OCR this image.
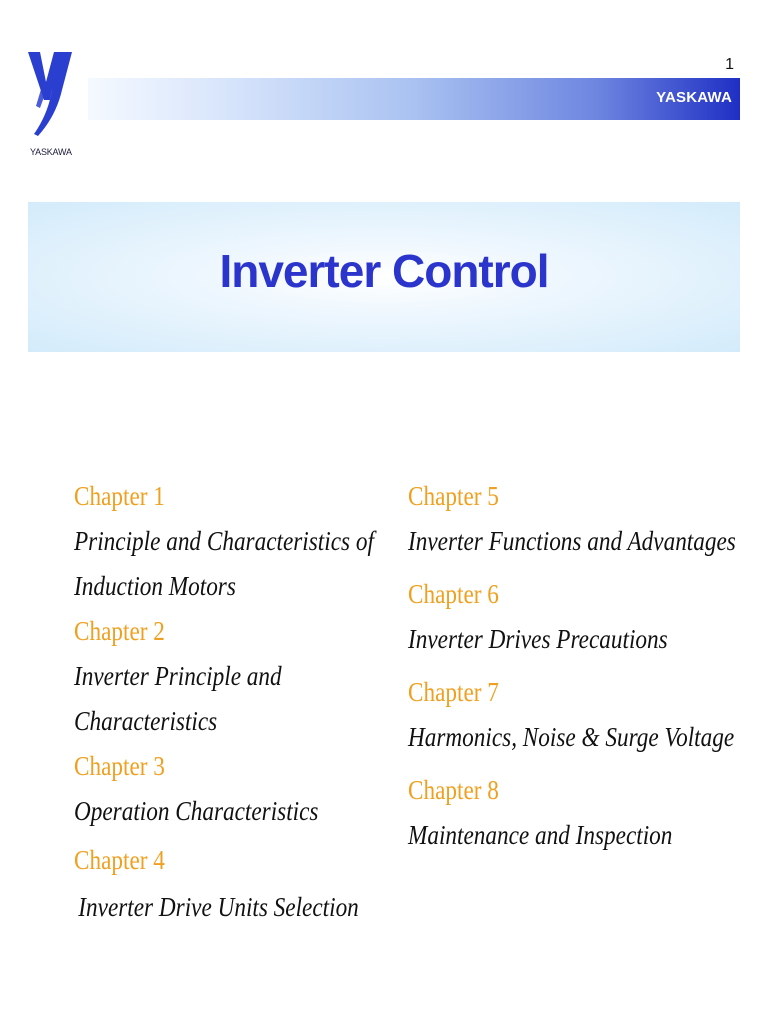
YASKAWA
1
YASKAWA
Inverter Control
Chapter 1
Principle and Characteristics of
Induction Motors
Chapter 2
Inverter Principle and
Characteristics
Chapter 3
Operation Characteristics
Chapter 4
Inverter Drive Units Selection
Chapter 5
Inverter Functions and Advantages
Chapter 6
Inverter Drives Precautions
Chapter 7
Harmonics, Noise & Surge Voltage
Chapter 8
Maintenance and Inspection
